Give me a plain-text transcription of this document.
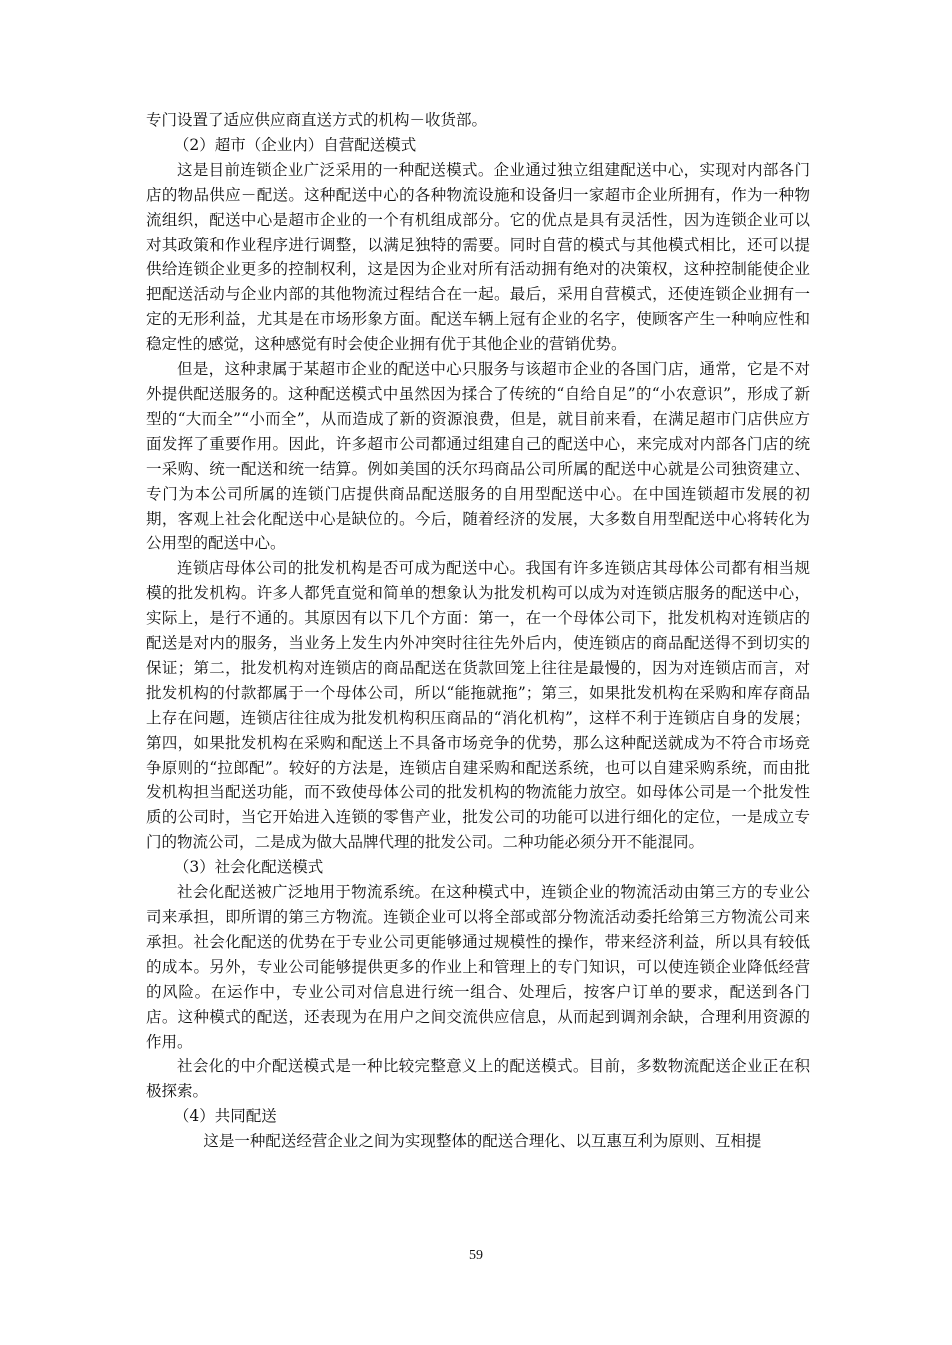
专门设置了适应供应商直送方式的机构－收货部。

（2）超市（企业内）自营配送模式

这是目前连锁企业广泛采用的一种配送模式。企业通过独立组建配送中心，实现对内部各门店的物品供应－配送。这种配送中心的各种物流设施和设备归一家超市企业所拥有，作为一种物流组织，配送中心是超市企业的一个有机组成部分。它的优点是具有灵活性，因为连锁企业可以对其政策和作业程序进行调整，以满足独特的需要。同时自营的模式与其他模式相比，还可以提供给连锁企业更多的控制权利，这是因为企业对所有活动拥有绝对的决策权，这种控制能使企业把配送活动与企业内部的其他物流过程结合在一起。最后，采用自营模式，还使连锁企业拥有一定的无形利益，尤其是在市场形象方面。配送车辆上冠有企业的名字，使顾客产生一种响应性和稳定性的感觉，这种感觉有时会使企业拥有优于其他企业的营销优势。

但是，这种隶属于某超市企业的配送中心只服务与该超市企业的各国门店，通常，它是不对外提供配送服务的。这种配送模式中虽然因为揉合了传统的“自给自足”的“小农意识”，形成了新型的“大而全”“小而全”，从而造成了新的资源浪费，但是，就目前来看，在满足超市门店供应方面发挥了重要作用。因此，许多超市公司都通过组建自己的配送中心，来完成对内部各门店的统一采购、统一配送和统一结算。例如美国的沃尔玛商品公司所属的配送中心就是公司独资建立、专门为本公司所属的连锁门店提供商品配送服务的自用型配送中心。在中国连锁超市发展的初期，客观上社会化配送中心是缺位的。今后，随着经济的发展，大多数自用型配送中心将转化为公用型的配送中心。

连锁店母体公司的批发机构是否可成为配送中心。我国有许多连锁店其母体公司都有相当规模的批发机构。许多人都凭直觉和简单的想象认为批发机构可以成为对连锁店服务的配送中心，实际上，是行不通的。其原因有以下几个方面：第一，在一个母体公司下，批发机构对连锁店的配送是对内的服务，当业务上发生内外冲突时往往先外后内，使连锁店的商品配送得不到切实的保证；第二，批发机构对连锁店的商品配送在货款回笼上往往是最慢的，因为对连锁店而言，对批发机构的付款都属于一个母体公司，所以“能拖就拖”；第三，如果批发机构在采购和库存商品上存在问题，连锁店往往成为批发机构积压商品的“消化机构”，这样不利于连锁店自身的发展；第四，如果批发机构在采购和配送上不具备市场竞争的优势，那么这种配送就成为不符合市场竞争原则的“拉郎配”。较好的方法是，连锁店自建采购和配送系统，也可以自建采购系统，而由批发机构担当配送功能，而不致使母体公司的批发机构的物流能力放空。如母体公司是一个批发性质的公司时，当它开始进入连锁的零售产业，批发公司的功能可以进行细化的定位，一是成立专门的物流公司，二是成为做大品牌代理的批发公司。二种功能必须分开不能混同。

（3）社会化配送模式

社会化配送被广泛地用于物流系统。在这种模式中，连锁企业的物流活动由第三方的专业公司来承担，即所谓的第三方物流。连锁企业可以将全部或部分物流活动委托给第三方物流公司来承担。社会化配送的优势在于专业公司更能够通过规模性的操作，带来经济利益，所以具有较低的成本。另外，专业公司能够提供更多的作业上和管理上的专门知识，可以使连锁企业降低经营的风险。在运作中，专业公司对信息进行统一组合、处理后，按客户订单的要求，配送到各门店。这种模式的配送，还表现为在用户之间交流供应信息，从而起到调剂余缺，合理利用资源的作用。

社会化的中介配送模式是一种比较完整意义上的配送模式。目前，多数物流配送企业正在积极探索。

（4）共同配送

这是一种配送经营企业之间为实现整体的配送合理化、以互惠互利为原则、互相提

59
